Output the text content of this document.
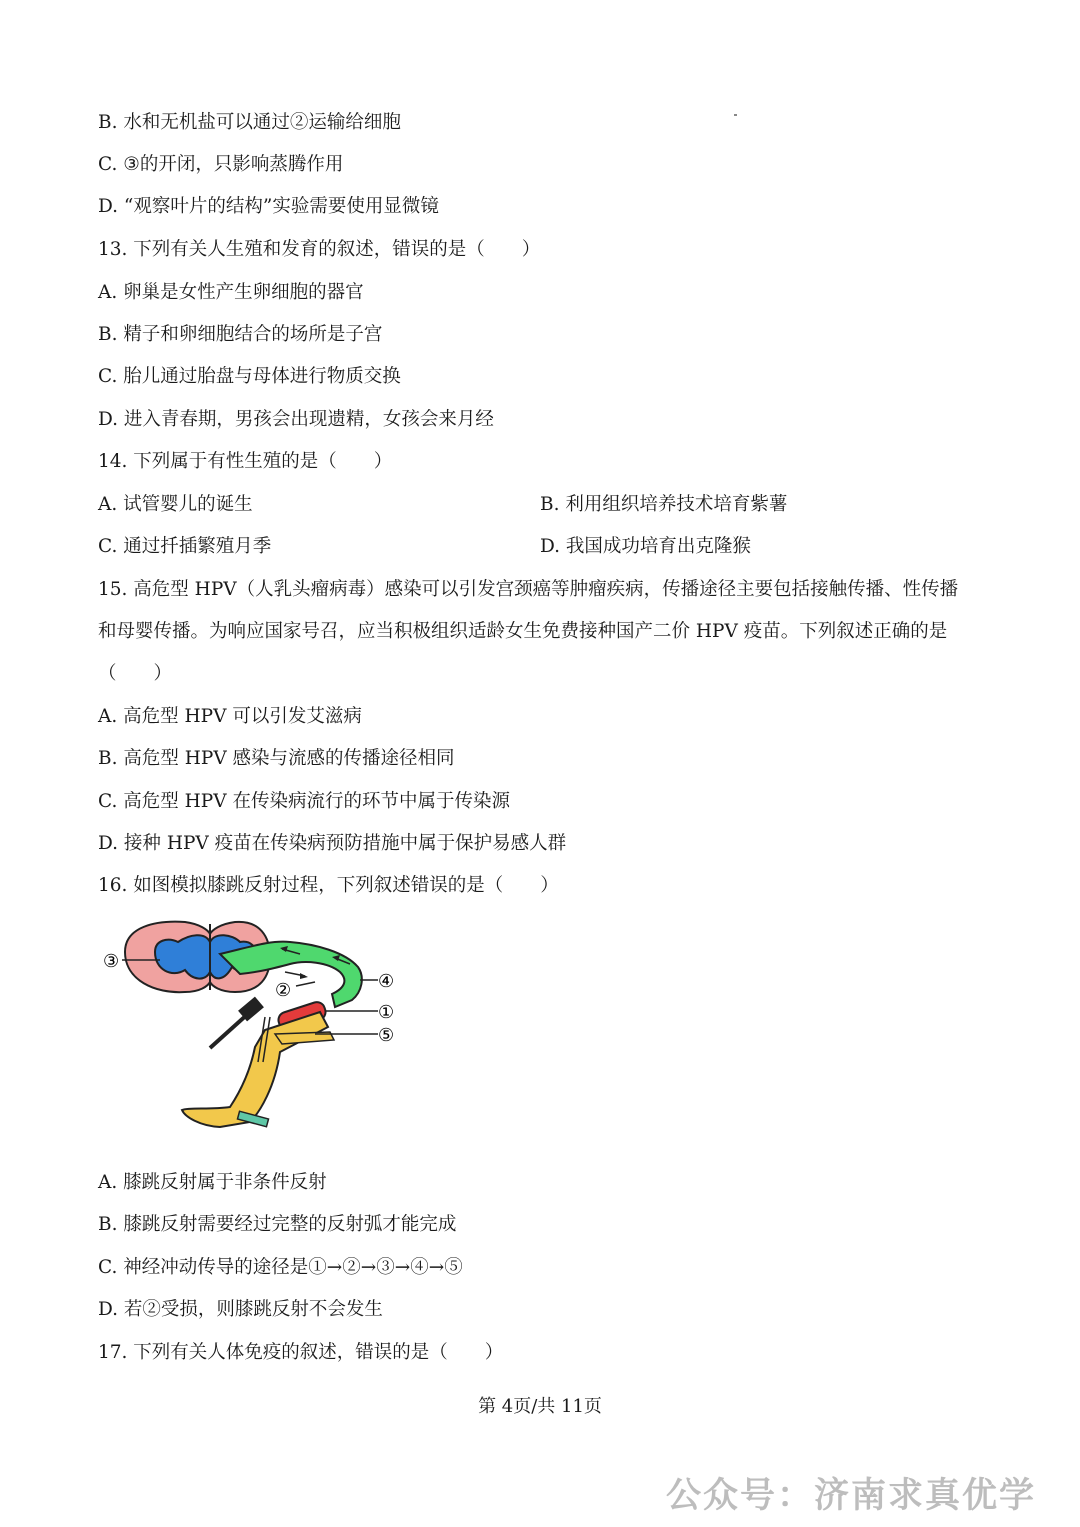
B. 水和无机盐可以通过②运输给细胞
C. ③的开闭，只影响蒸腾作用
D. “观察叶片的结构”实验需要使用显微镜
13. 下列有关人生殖和发育的叙述，错误的是（　　）
A. 卵巢是女性产生卵细胞的器官
B. 精子和卵细胞结合的场所是子宫
C. 胎儿通过胎盘与母体进行物质交换
D. 进入青春期，男孩会出现遗精，女孩会来月经
14. 下列属于有性生殖的是（　　）
A. 试管婴儿的诞生	B. 利用组织培养技术培育紫薯
C. 通过扦插繁殖月季	D. 我国成功培育出克隆猴
15. 高危型 HPV（人乳头瘤病毒）感染可以引发宫颈癌等肿瘤疾病，传播途径主要包括接触传播、性传播
和母婴传播。为响应国家号召，应当积极组织适龄女生免费接种国产二价 HPV 疫苗。下列叙述正确的是
（　　）
A. 高危型 HPV 可以引发艾滋病
B. 高危型 HPV 感染与流感的传播途径相同
C. 高危型 HPV 在传染病流行的环节中属于传染源
D. 接种 HPV 疫苗在传染病预防措施中属于保护易感人群
16. 如图模拟膝跳反射过程，下列叙述错误的是（　　）
③
②	④
①
⑤
A. 膝跳反射属于非条件反射
B. 膝跳反射需要经过完整的反射弧才能完成
C. 神经冲动传导的途径是①→②→③→④→⑤
D. 若②受损，则膝跳反射不会发生
17. 下列有关人体免疫的叙述，错误的是（　　）
第 4页/共 11页
公众号：济南求真优学
